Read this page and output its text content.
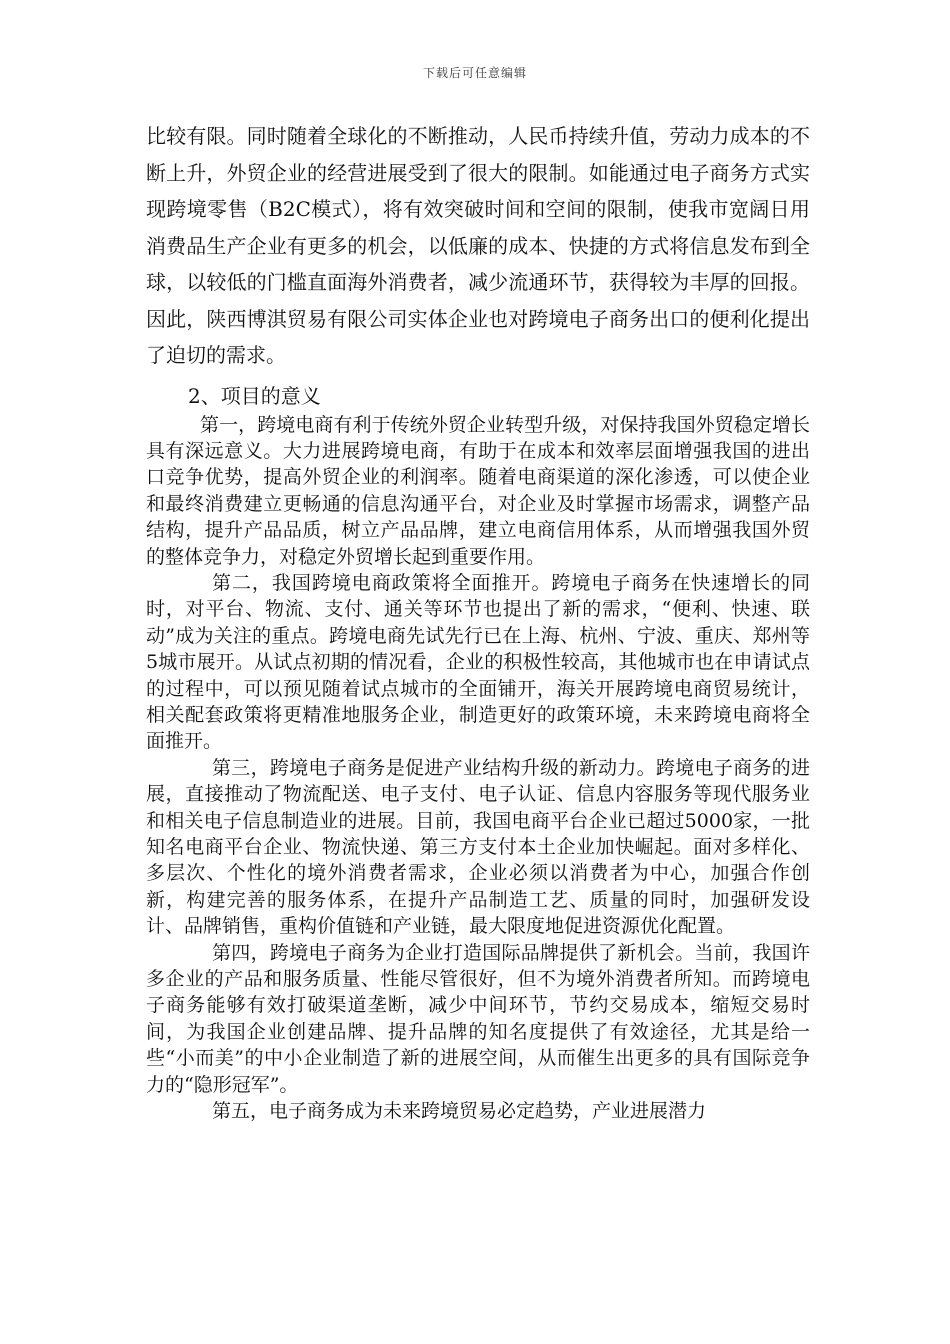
下载后可任意编辑

比较有限。同时随着全球化的不断推动，人民币持续升值，劳动力成本的不断上升，外贸企业的经营进展受到了很大的限制。如能通过电子商务方式实现跨境零售（B2C模式），将有效突破时间和空间的限制，使我市宽阔日用消费品生产企业有更多的机会，以低廉的成本、快捷的方式将信息发布到全球，以较低的门槛直面海外消费者，减少流通环节，获得较为丰厚的回报。因此，陕西博淇贸易有限公司实体企业也对跨境电子商务出口的便利化提出了迫切的需求。

2、项目的意义

第一，跨境电商有利于传统外贸企业转型升级，对保持我国外贸稳定增长具有深远意义。大力进展跨境电商，有助于在成本和效率层面增强我国的进出口竞争优势，提高外贸企业的利润率。随着电商渠道的深化渗透，可以使企业和最终消费建立更畅通的信息沟通平台，对企业及时掌握市场需求，调整产品结构，提升产品品质，树立产品品牌，建立电商信用体系，从而增强我国外贸的整体竞争力，对稳定外贸增长起到重要作用。

第二，我国跨境电商政策将全面推开。跨境电子商务在快速增长的同时，对平台、物流、支付、通关等环节也提出了新的需求，“便利、快速、联动”成为关注的重点。跨境电商先试先行已在上海、杭州、宁波、重庆、郑州等5城市展开。从试点初期的情况看，企业的积极性较高，其他城市也在申请试点的过程中，可以预见随着试点城市的全面铺开，海关开展跨境电商贸易统计，相关配套政策将更精准地服务企业，制造更好的政策环境，未来跨境电商将全面推开。

第三，跨境电子商务是促进产业结构升级的新动力。跨境电子商务的进展，直接推动了物流配送、电子支付、电子认证、信息内容服务等现代服务业和相关电子信息制造业的进展。目前，我国电商平台企业已超过5000家，一批知名电商平台企业、物流快递、第三方支付本土企业加快崛起。面对多样化、多层次、个性化的境外消费者需求，企业必须以消费者为中心，加强合作创新，构建完善的服务体系，在提升产品制造工艺、质量的同时，加强研发设计、品牌销售，重构价值链和产业链，最大限度地促进资源优化配置。

第四，跨境电子商务为企业打造国际品牌提供了新机会。当前，我国许多企业的产品和服务质量、性能尽管很好，但不为境外消费者所知。而跨境电子商务能够有效打破渠道垄断，减少中间环节，节约交易成本，缩短交易时间，为我国企业创建品牌、提升品牌的知名度提供了有效途径，尤其是给一些“小而美”的中小企业制造了新的进展空间，从而催生出更多的具有国际竞争力的“隐形冠军”。

第五，电子商务成为未来跨境贸易必定趋势，产业进展潜力
